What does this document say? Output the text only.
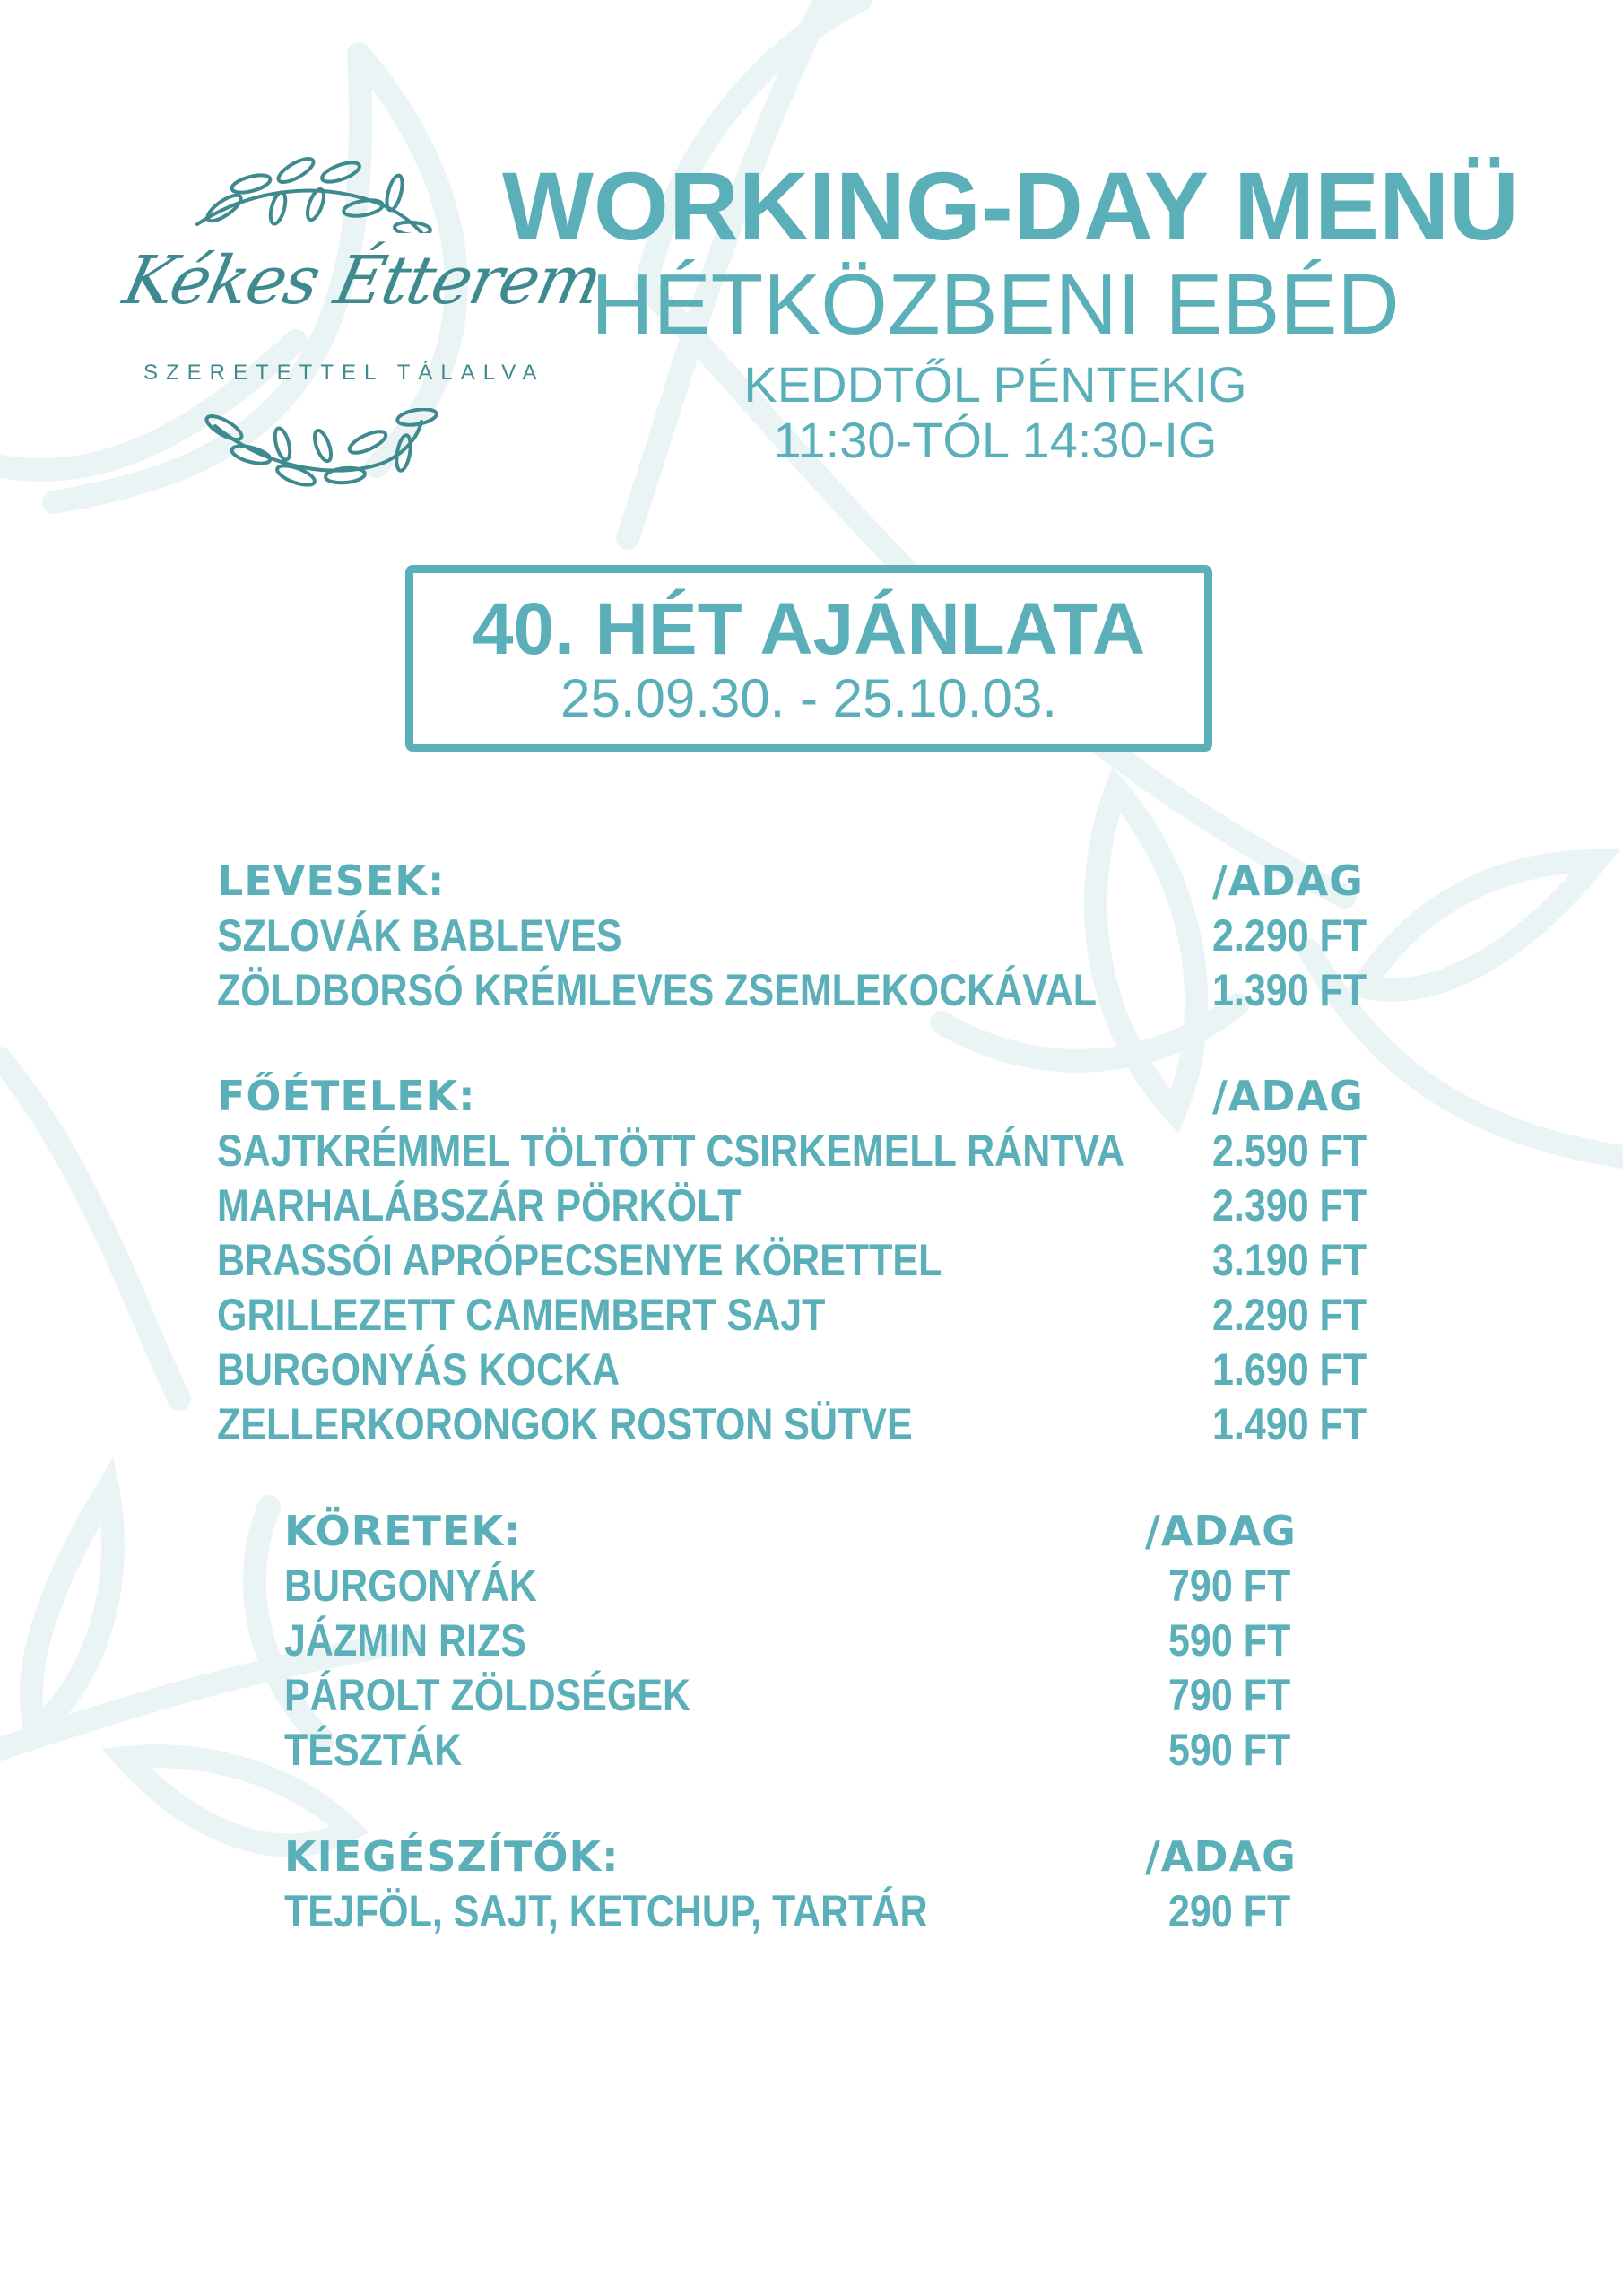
Kékes Étterem
SZERETETTEL TÁLALVA
WORKING-DAY MENÜ
HÉTKÖZBENI EBÉD
KEDDTŐL PÉNTEKIG
11:30-TÓL 14:30-IG
40. HÉT AJÁNLATA
25.09.30. - 25.10.03.
LEVESEK:	/ADAG
SZLOVÁK BABLEVES	2.290 FT
ZÖLDBORSÓ KRÉMLEVES ZSEMLEKOCKÁVAL	1.390 FT
FŐÉTELEK:	/ADAG
SAJTKRÉMMEL TÖLTÖTT CSIRKEMELL RÁNTVA 2.590 FT
MARHALÁBSZÁR PÖRKÖLT	2.390 FT
BRASSÓI APRÓPECSENYE KÖRETTEL	3.190 FT
GRILLEZETT CAMEMBERT SAJT	2.290 FT
BURGONYÁS KOCKA	1.690 FT
ZELLERKORONGOK ROSTON SÜTVE	1.490 FT
KÖRETEK:	/ADAG
BURGONYÁK	790 FT
JÁZMIN RIZS	590 FT
PÁROLT ZÖLDSÉGEK	790 FT
TÉSZTÁK	590 FT
KIEGÉSZÍTŐK:	/ADAG
TEJFÖL, SAJT, KETCHUP, TARTÁR	290 FT
